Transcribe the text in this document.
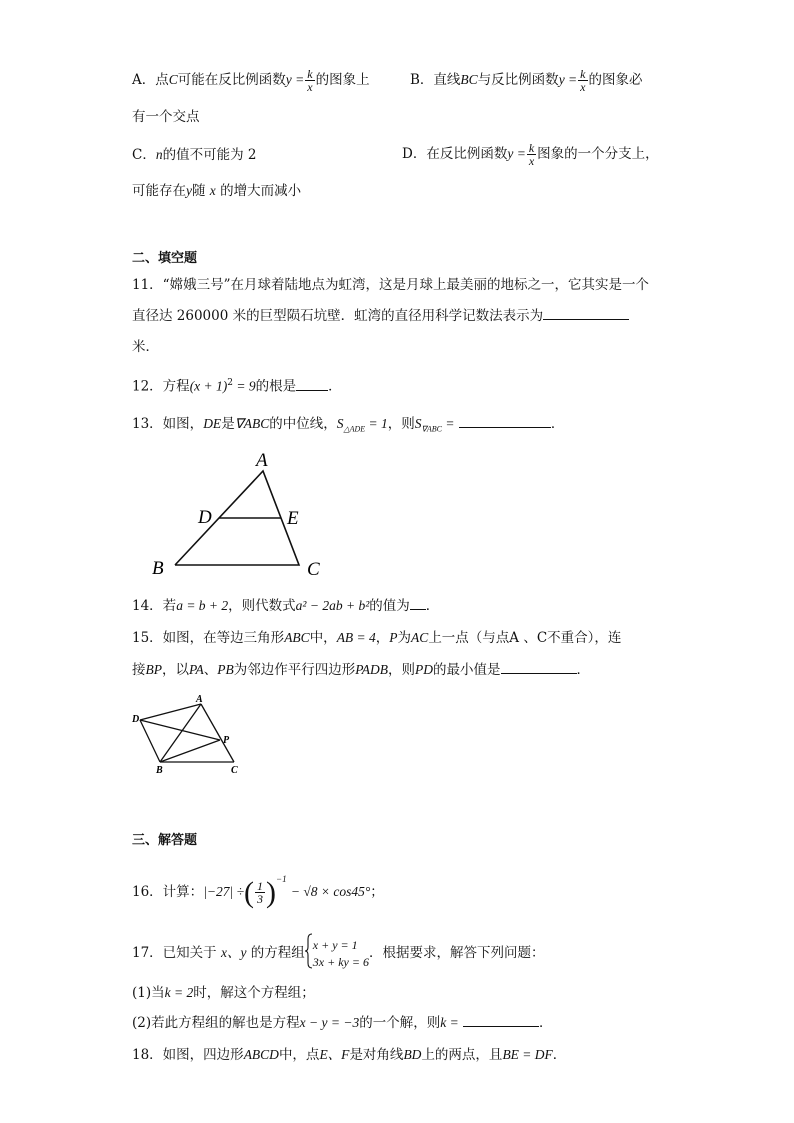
A．点C可能在反比例函数$y = \frac{k}{x}$ 的图象上	B．直线BC与反比例函数$y = \frac{k}{x}$ 的图象必
有一个交点
C．n的值不可能为 2	D．在反比例函数$y = \frac{k}{x}$ 图象的一个分支上，
可能存在y随 x 的增大而减小
二、填空题
11．“嫦娥三号”在月球着陆地点为虹湾，这是月球上最美丽的地标之一，它其实是一个
直径达 260000 米的巨型陨石坑壁．虹湾的直径用科学记数法表示为
米．
12．方程$(x + 1)^2 = 9$的根是 ．
13．如图，DE是∇ABC的中位线，$S_{\triangle ADE} = 1$，则$S_{\nabla ABC}$ =	．
A
D	E
B	C
14．若a = b + 2，则代数式a² − 2ab + b²的值为 ．
15．如图，在等边三角形ABC中，AB = 4，P为AC上一点（与点A 、C不重合），连
接BP，以PA、PB为邻边作平行四边形PADB，则PD的最小值是	．
A
D
P
B	C
三、解答题
16．计算：|−27| ÷( $\frac{1}{3} )^{-1} - √8 \times \cos 45^\circ$；
17．已知关于 x、y 的方程组
x + y = 1
3x + ky = 6
．根据要求，解答下列问题：
(1)当k = 2时，解这个方程组；
(2)若此方程组的解也是方程x − y = −3的一个解，则k =	．
18．如图，四边形ABCD中，点E、F是对角线BD上的两点，且BE = DF．
